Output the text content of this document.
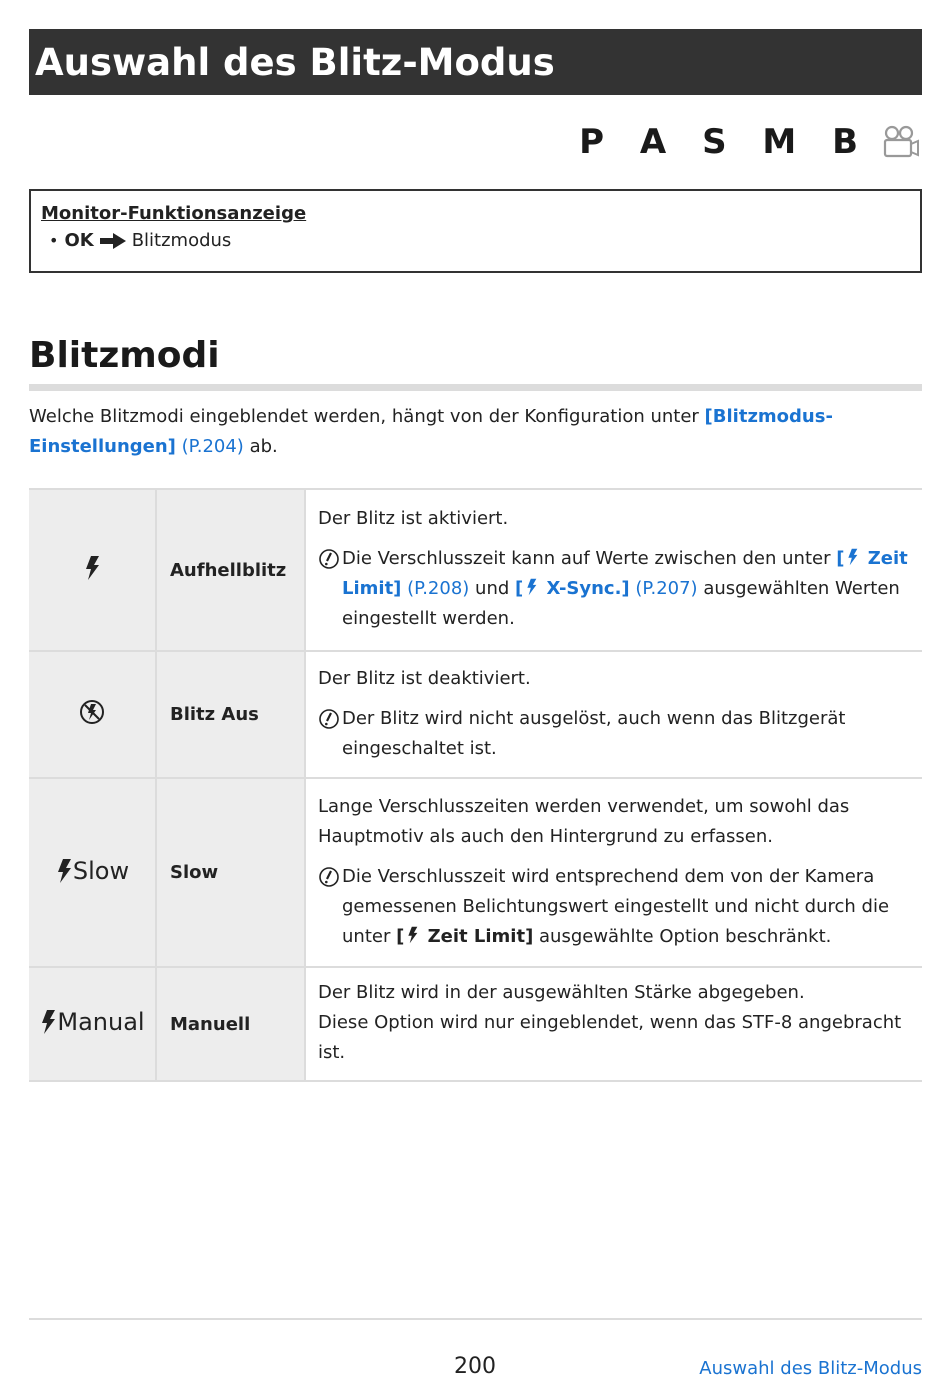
Auswahl des Blitz-Modus
P A S M B
Monitor-Funktionsanzeige
• OK Blitzmodus
Blitzmodi
Welche Blitzmodi eingeblendet werden, hängt von der Konfiguration unter [Blitzmodus-Einstellungen] (P.204) ab.
	Aufhellblitz	Der Blitz ist aktiviert.

Die Verschlusszeit kann auf Werte zwischen den unter [ Zeit Limit] (P.208) und [ X-Sync.] (P.207) ausgewählten Werten eingestellt werden.

	Blitz Aus	Der Blitz ist deaktiviert.

Der Blitz wird nicht ausgelöst, auch wenn das Blitzgerät eingeschaltet ist.

Slow	Slow	Lange Verschlusszeiten werden verwendet, um sowohl das Hauptmotiv als auch den Hintergrund zu erfassen.

Die Verschlusszeit wird entsprechend dem von der Kamera gemessenen Belichtungswert eingestellt und nicht durch die unter [ Zeit Limit] ausgewählte Option beschränkt.

Manual	Manuell	Der Blitz wird in der ausgewählten Stärke abgegeben.
Diese Option wird nur eingeblendet, wenn das STF-8 angebracht ist.
200	Auswahl des Blitz-Modus
